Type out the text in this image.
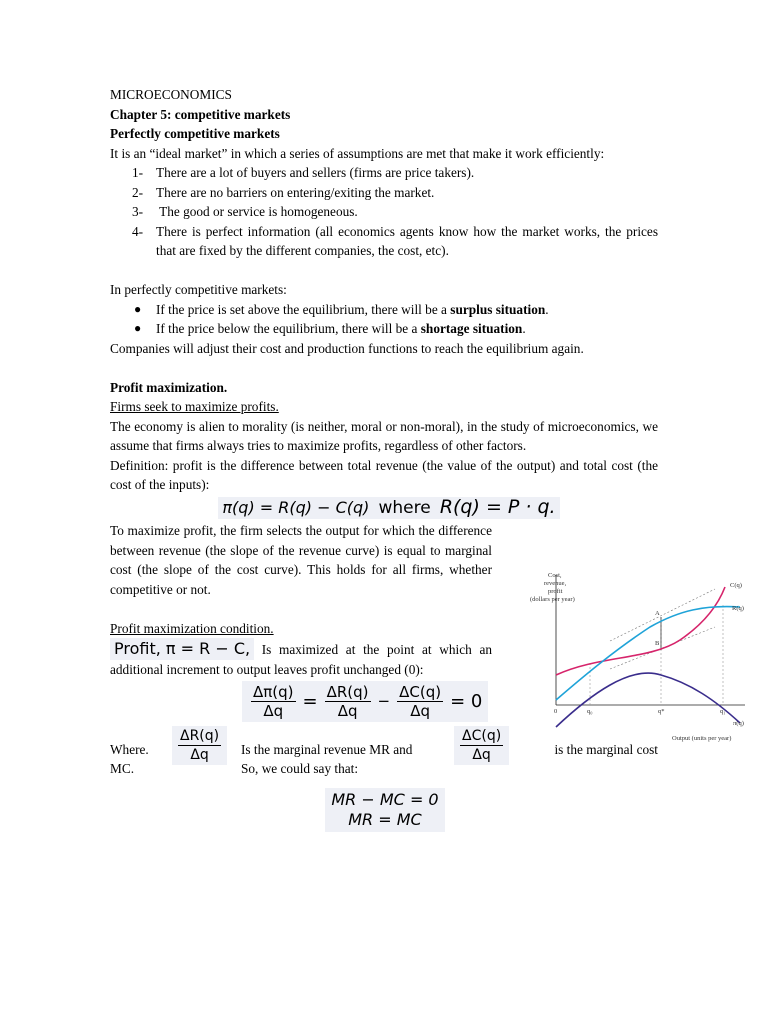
MICROECONOMICS

Chapter 5: competitive markets

Perfectly competitive markets

It is an “ideal market” in which a series of assumptions are met that make it work efficiently:

1- There are a lot of buyers and sellers (firms are price takers).
2- There are no barriers on entering/exiting the market.
3- The good or service is homogeneous.
4- There is perfect information (all economics agents know how the market works, the prices that are fixed by the different companies, the cost, etc).

In perfectly competitive markets:

● If the price is set above the equilibrium, there will be a surplus situation.
● If the price below the equilibrium, there will be a shortage situation.

Companies will adjust their cost and production functions to reach the equilibrium again.

Profit maximization.

Firms seek to maximize profits.

The economy is alien to morality (is neither, moral or non-moral), in the study of microeconomics, we assume that firms always tries to maximize profits, regardless of other factors.

Definition: profit is the difference between total revenue (the value of the output) and total cost (the cost of the inputs):

π(q) = R(q) − C(q) where R(q) = P · q.

To maximize profit, the firm selects the output for which the difference between revenue (the slope of the revenue curve) is equal to marginal cost (the slope of the cost curve). This holds for all firms, whether competitive or not.

Profit maximization condition.

Profit, π = R − C, Is maximized at the point at which an additional increment to output leaves profit unchanged (0):

$\frac{\Delta\pi(q)}{\Delta q} = \frac{\Delta R(q)}{\Delta q} - \frac{\Delta C(q)}{\Delta q} = 0$
Where.
MC.
$\frac{\Delta R(q)}{\Delta q}$ Is the marginal revenue MR and
So, we could say that:
$\frac{\Delta C(q)}{\Delta q}$	is the marginal cost
MR − MC = 0
MR = MC
Cost,
revenue,
profit
(dollars per year)
C(q)
R(q)
π(q)
A
B
0	q₀	q*	q₁
Output (units per year)
